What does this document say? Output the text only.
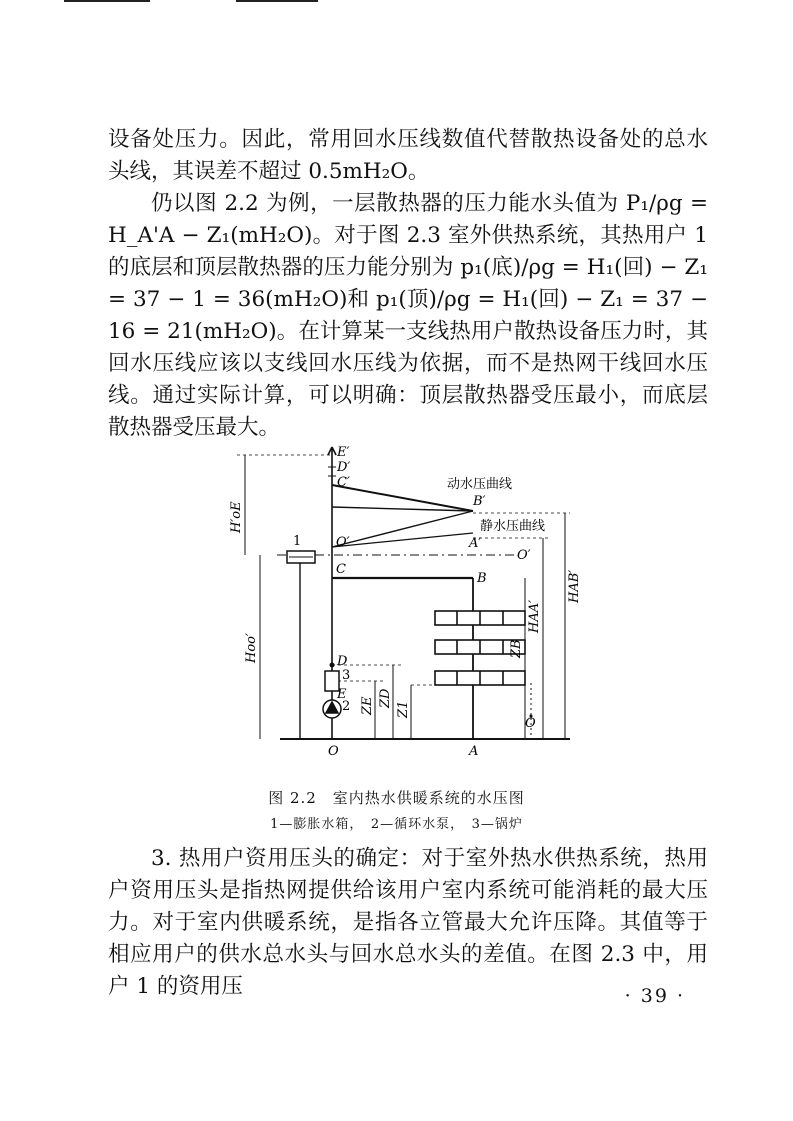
设备处压力。因此，常用回水压线数值代替散热设备处的总水头线，其误差不超过 0.5mH₂O。

仍以图 2.2 为例，一层散热器的压力能水头值为 P₁/ρg = H_A'A − Z₁(mH₂O)。对于图 2.3 室外供热系统，其热用户 1 的底层和顶层散热器的压力能分别为 p₁(底)/ρg = H₁(回) − Z₁ = 37 − 1 = 36(mH₂O)和 p₁(顶)/ρg = H₁(回) − Z₁ = 37 − 16 = 21(mH₂O)。在计算某一支线热用户散热设备压力时，其回水压线应该以支线回水压线为依据，而不是热网干线回水压线。通过实际计算，可以明确：顶层散热器受压最小，而底层散热器受压最大。

E′
D′
C′
B′
O′	A′
O′
C
B
D
E
O	A
O
2
3
1
动水压曲线
静水压曲线
H′oE
Hoo′
HAA′
HAB′
ZB
ZE ZD
Z1

图 2.2　室内热水供暖系统的水压图

1—膨胀水箱，　2—循环水泵，　3—锅炉

3. 热用户资用压头的确定：对于室外热水供热系统，热用户资用压头是指热网提供给该用户室内系统可能消耗的最大压力。对于室内供暖系统，是指各立管最大允许压降。其值等于相应用户的供水总水头与回水总水头的差值。在图 2.3 中，用户 1 的资用压	· 39 ·
